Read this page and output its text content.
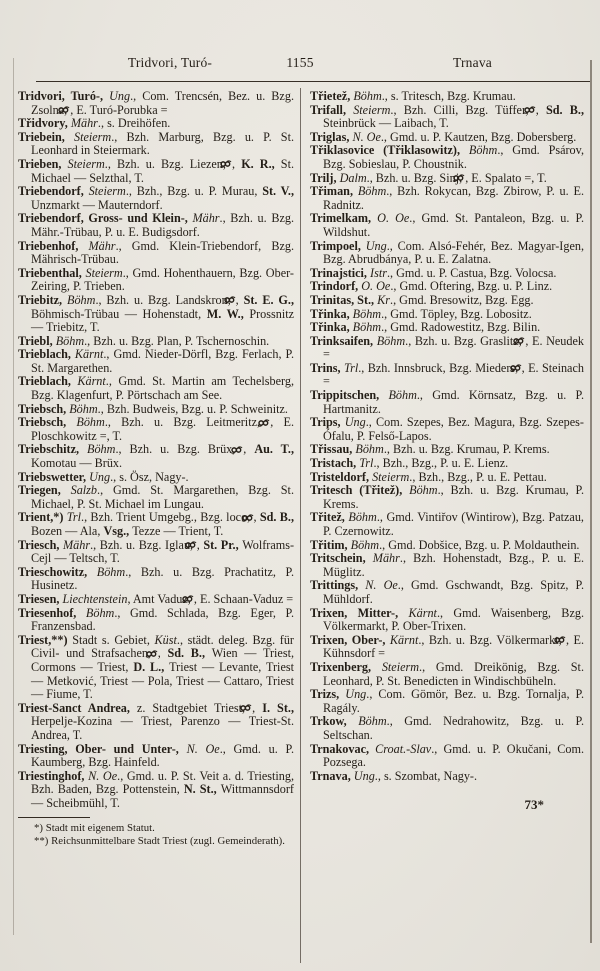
Tridvori, Turó-	1155	Trnava

Tridvori, Turó-, Ung., Com. Trencsén, Bez. u. Bzg. Zsolna, , E. Turó-Porubka =

Třidvory, Mähr., s. Dreihöfen.

Triebein, Steierm., Bzh. Marburg, Bzg. u. P. St. Leonhard in Steiermark.

Trieben, Steierm., Bzh. u. Bzg. Liezen, , K. R., St. Michael — Selzthal, T.

Triebendorf, Steierm., Bzh., Bzg. u. P. Murau, St. V., Unzmarkt — Mauterndorf.

Triebendorf, Gross- und Klein-, Mähr., Bzh. u. Bzg. Mähr.-Trübau, P. u. E. Budigsdorf.

Triebenhof, Mähr., Gmd. Klein-Triebendorf, Bzg. Mährisch-Trübau.

Triebenthal, Steierm., Gmd. Hohenthauern, Bzg. Ober-Zeiring, P. Trieben.

Triebitz, Böhm., Bzh. u. Bzg. Landskron, , St. E. G., Böhmisch-Trübau — Hohenstadt, M. W., Prossnitz — Triebitz, T.

Triebl, Böhm., Bzh. u. Bzg. Plan, P. Tschernoschin.

Trieblach, Kärnt., Gmd. Nieder-Dörfl, Bzg. Ferlach, P. St. Margarethen.

Trieblach, Kärnt., Gmd. St. Martin am Techelsberg, Bzg. Klagenfurt, P. Pörtschach am See.

Triebsch, Böhm., Bzh. Budweis, Bzg. u. P. Schweinitz.

Triebsch, Böhm., Bzh. u. Bzg. Leitmeritz, , E. Ploschkowitz =, T.

Triebschitz, Böhm., Bzh. u. Bzg. Brüx, , Au. T., Komotau — Brüx.

Triebswetter, Ung., s. Ösz, Nagy-.

Triegen, Salzb., Gmd. St. Margarethen, Bzg. St. Michael, P. St. Michael im Lungau.

Trient,*) Trl., Bzh. Trient Umgebg., Bzg. loco, , Sd. B., Bozen — Ala, Vsg., Tezze — Trient, T.

Triesch, Mähr., Bzh. u. Bzg. Iglau, , St. Pr., Wolframs-Cejl — Teltsch, T.

Trieschowitz, Böhm., Bzh. u. Bzg. Prachatitz, P. Husinetz.

Triesen, Liechtenstein, Amt Vaduz, , E. Schaan-Vaduz =

Triesenhof, Böhm., Gmd. Schlada, Bzg. Eger, P. Franzensbad.

Triest,**) Stadt s. Gebiet, Küst., städt. deleg. Bzg. für Civil- und Strafsachen, , Sd. B., Wien — Triest, Cormons — Triest, D. L., Triest — Levante, Triest — Metković, Triest — Pola, Triest — Cattaro, Triest — Fiume, T.

Triest-Sanct Andrea, z. Stadtgebiet Triest, , I. St., Herpelje-Kozina — Triest, Parenzo — Triest-St. Andrea, T.

Triesting, Ober- und Unter-, N. Oe., Gmd. u. P. Kaumberg, Bzg. Hainfeld.

Triestinghof, N. Oe., Gmd. u. P. St. Veit a. d. Triesting, Bzh. Baden, Bzg. Pottenstein, N. St., Wittmannsdorf — Scheibmühl, T.

*) Stadt mit eigenem Statut.

**) Reichsunmittelbare Stadt Triest (zugl. Gemeinderath).

Třietež, Böhm., s. Tritesch, Bzg. Krumau.

Trifall, Steierm., Bzh. Cilli, Bzg. Tüffer, , Sd. B., Steinbrück — Laibach, T.

Triglas, N. Oe., Gmd. u. P. Kautzen, Bzg. Dobersberg.

Třiklasovice (Třiklasowitz), Böhm., Gmd. Psárov, Bzg. Sobieslau, P. Choustnik.

Trilj, Dalm., Bzh. u. Bzg. Sinj, , E. Spalato =, T.

Třiman, Böhm., Bzh. Rokycan, Bzg. Zbirow, P. u. E. Radnitz.

Trimelkam, O. Oe., Gmd. St. Pantaleon, Bzg. u. P. Wildshut.

Trimpoel, Ung., Com. Alsó-Fehér, Bez. Magyar-Igen, Bzg. Abrudbánya, P. u. E. Zalatna.

Trinajstici, Istr., Gmd. u. P. Castua, Bzg. Volocsa.

Trindorf, O. Oe., Gmd. Oftering, Bzg. u. P. Linz.

Trinitas, St., Kr., Gmd. Bresowitz, Bzg. Egg.

Třinka, Böhm., Gmd. Töpley, Bzg. Lobositz.

Třinka, Böhm., Gmd. Radowestitz, Bzg. Bilin.

Trinksaifen, Böhm., Bzh. u. Bzg. Graslitz, , E. Neudek =

Trins, Trl., Bzh. Innsbruck, Bzg. Mieders, , E. Steinach =

Trippitschen, Böhm., Gmd. Körnsatz, Bzg. u. P. Hartmanitz.

Trips, Ung., Com. Szepes, Bez. Magura, Bzg. Szepes-Ófalu, P. Felső-Lapos.

Třissau, Böhm., Bzh. u. Bzg. Krumau, P. Krems.

Tristach, Trl., Bzh., Bzg., P. u. E. Lienz.

Tristeldorf, Steierm., Bzh., Bzg., P. u. E. Pettau.

Tritesch (Třitež), Böhm., Bzh. u. Bzg. Krumau, P. Krems.

Třitež, Böhm., Gmd. Vintiřov (Wintirow), Bzg. Patzau, P. Czernowitz.

Třitim, Böhm., Gmd. Dobšice, Bzg. u. P. Moldauthein.

Tritschein, Mähr., Bzh. Hohenstadt, Bzg., P. u. E. Müglitz.

Trittings, N. Oe., Gmd. Gschwandt, Bzg. Spitz, P. Mühldorf.

Trixen, Mitter-, Kärnt., Gmd. Waisenberg, Bzg. Völkermarkt, P. Ober-Trixen.

Trixen, Ober-, Kärnt., Bzh. u. Bzg. Völkermarkt, , E. Kühnsdorf =

Trixenberg, Steierm., Gmd. Dreikönig, Bzg. St. Leonhard, P. St. Benedicten in Windischbüheln.

Trizs, Ung., Com. Gömör, Bez. u. Bzg. Tornalja, P. Ragály.

Trkow, Böhm., Gmd. Nedrahowitz, Bzg. u. P. Seltschan.

Trnakovac, Croat.-Slav., Gmd. u. P. Okučani, Com. Pozsega.

Trnava, Ung., s. Szombat, Nagy-.

73*
